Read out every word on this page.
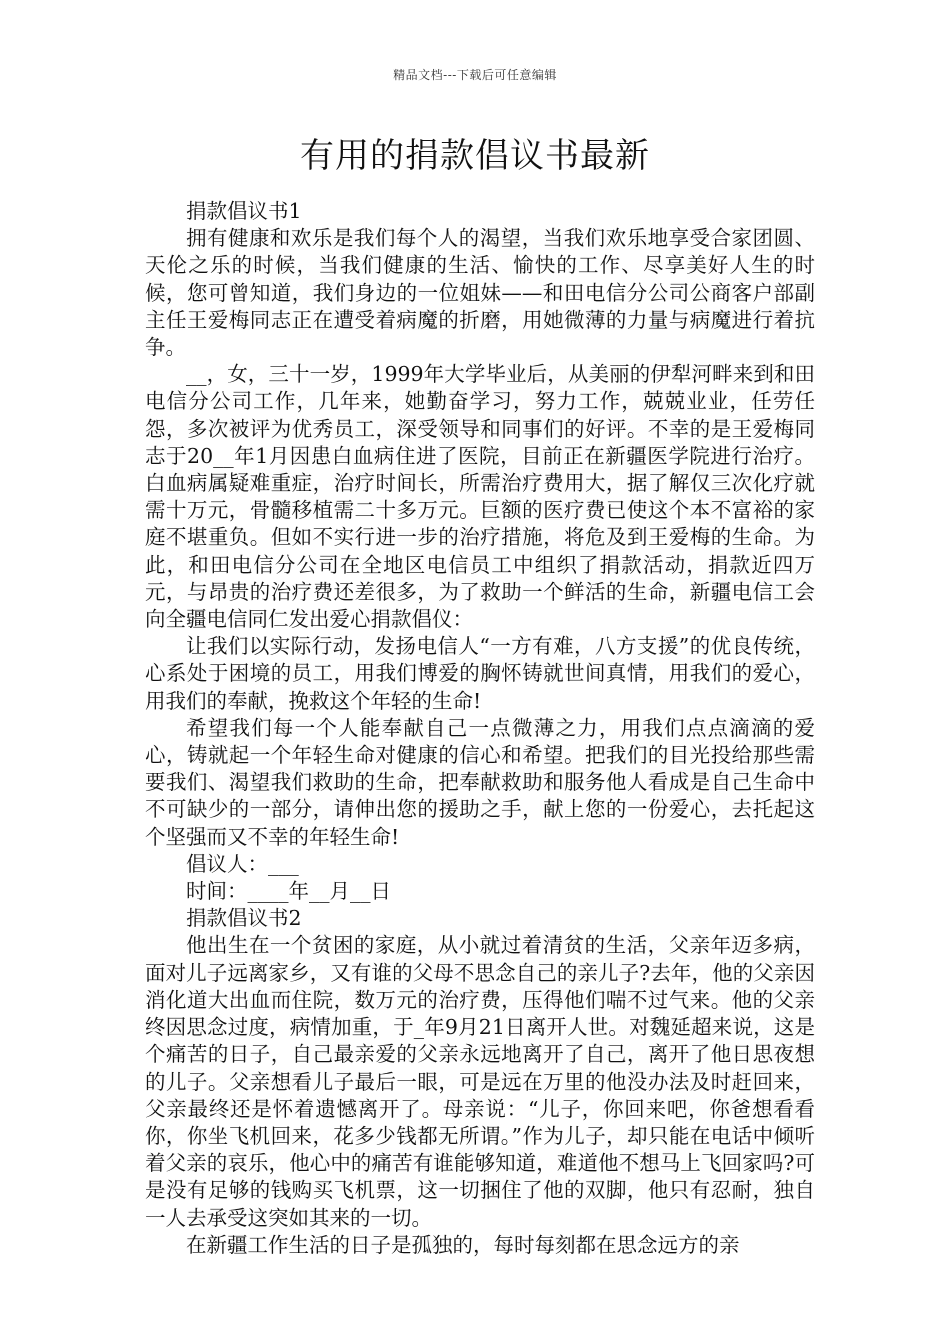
精品文档---下载后可任意编辑
有用的捐款倡议书最新

捐款倡议书1

拥有健康和欢乐是我们每个人的渴望，当我们欢乐地享受合家团圆、天伦之乐的时候，当我们健康的生活、愉快的工作、尽享美好人生的时候，您可曾知道，我们身边的一位姐妹——和田电信分公司公商客户部副主任王爱梅同志正在遭受着病魔的折磨，用她微薄的力量与病魔进行着抗争。

__，女，三十一岁，1999年大学毕业后，从美丽的伊犁河畔来到和田电信分公司工作，几年来，她勤奋学习，努力工作，兢兢业业，任劳任怨，多次被评为优秀员工，深受领导和同事们的好评。不幸的是王爱梅同志于20__年1月因患白血病住进了医院，目前正在新疆医学院进行治疗。白血病属疑难重症，治疗时间长，所需治疗费用大，据了解仅三次化疗就需十万元，骨髓移植需二十多万元。巨额的医疗费已使这个本不富裕的家庭不堪重负。但如不实行进一步的治疗措施，将危及到王爱梅的生命。为此，和田电信分公司在全地区电信员工中组织了捐款活动，捐款近四万元，与昂贵的治疗费还差很多，为了救助一个鲜活的生命，新疆电信工会向全疆电信同仁发出爱心捐款倡仪：

让我们以实际行动，发扬电信人“一方有难，八方支援”的优良传统，心系处于困境的员工，用我们博爱的胸怀铸就世间真情，用我们的爱心，用我们的奉献，挽救这个年轻的生命!

希望我们每一个人能奉献自己一点微薄之力，用我们点点滴滴的爱心，铸就起一个年轻生命对健康的信心和希望。把我们的目光投给那些需要我们、渴望我们救助的生命，把奉献救助和服务他人看成是自己生命中不可缺少的一部分，请伸出您的援助之手，献上您的一份爱心，去托起这个坚强而又不幸的年轻生命!

倡议人：___

时间：____年__月__日

捐款倡议书2

他出生在一个贫困的家庭，从小就过着清贫的生活，父亲年迈多病，面对儿子远离家乡，又有谁的父母不思念自己的亲儿子?去年，他的父亲因消化道大出血而住院，数万元的治疗费，压得他们喘不过气来。他的父亲终因思念过度，病情加重，于_年9月21日离开人世。对魏延超来说，这是个痛苦的日子，自己最亲爱的父亲永远地离开了自己，离开了他日思夜想的儿子。父亲想看儿子最后一眼，可是远在万里的他没办法及时赶回来，父亲最终还是怀着遗憾离开了。母亲说：“儿子，你回来吧，你爸想看看你，你坐飞机回来，花多少钱都无所谓。”作为儿子，却只能在电话中倾听着父亲的哀乐，他心中的痛苦有谁能够知道，难道他不想马上飞回家吗?可是没有足够的钱购买飞机票，这一切捆住了他的双脚，他只有忍耐，独自一人去承受这突如其来的一切。

在新疆工作生活的日子是孤独的，每时每刻都在思念远方的亲
